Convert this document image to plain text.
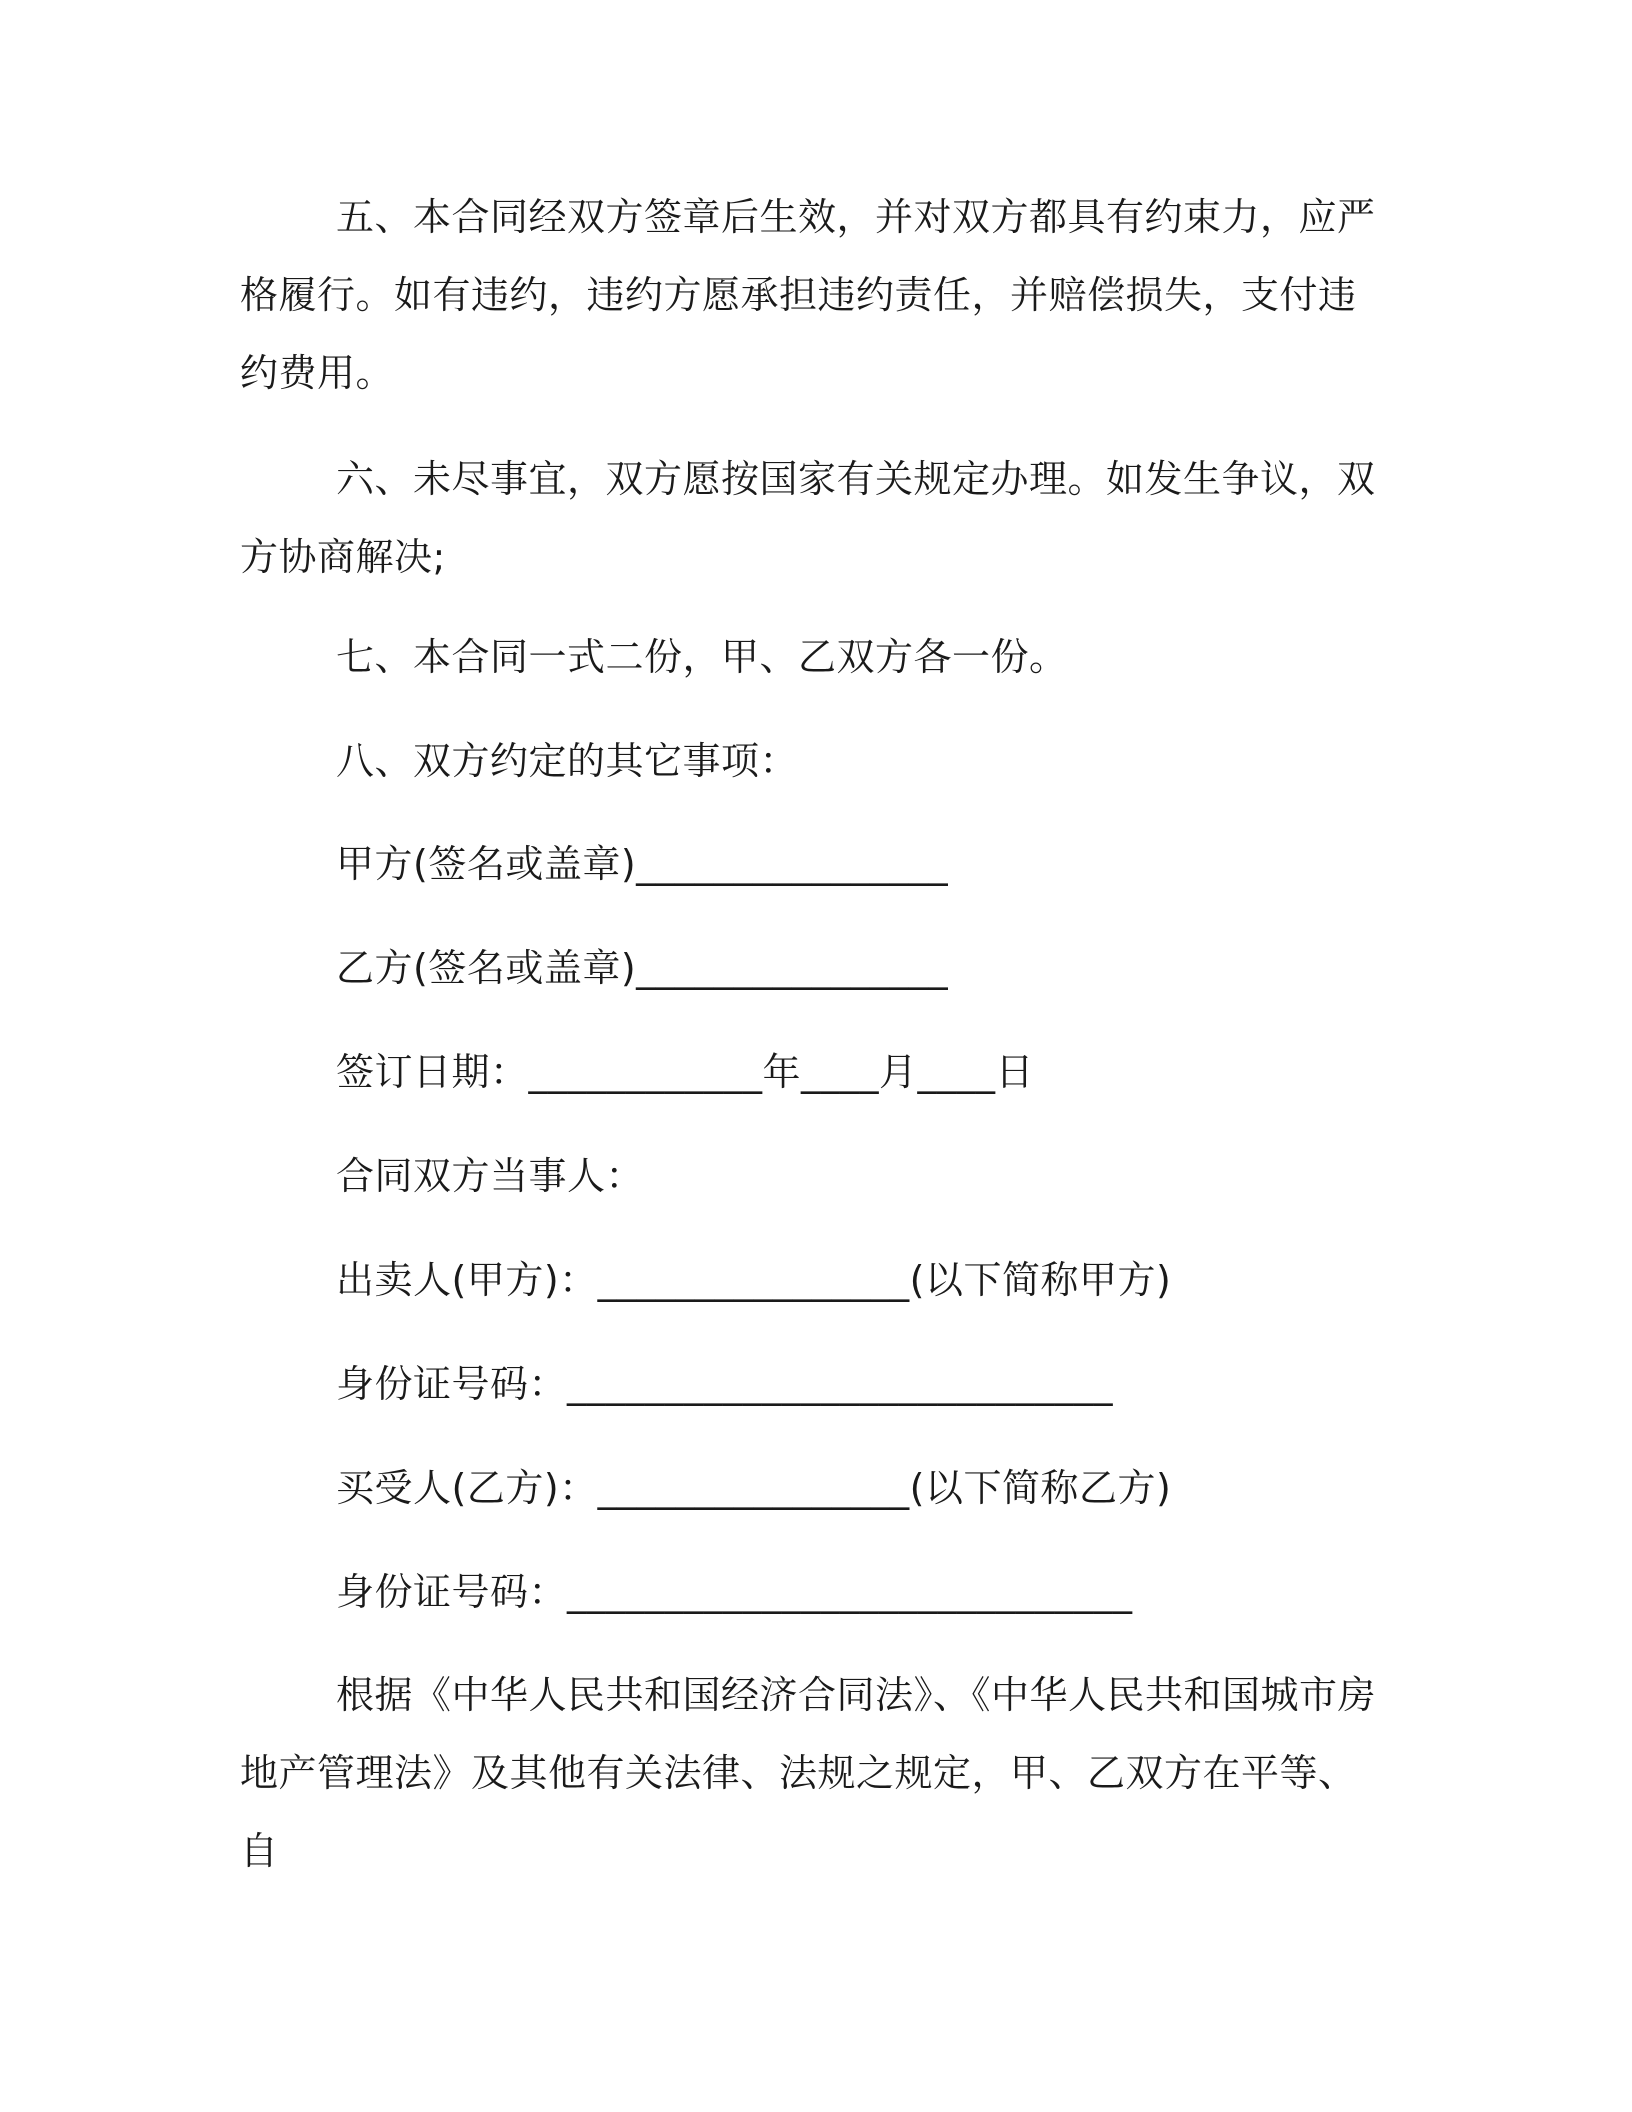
五、本合同经双方签章后生效，并对双方都具有约束力，应严格履行。如有违约，违约方愿承担违约责任，并赔偿损失，支付违约费用。

六、未尽事宜，双方愿按国家有关规定办理。如发生争议，双方协商解决;

七、本合同一式二份，甲、乙双方各一份。

八、双方约定的其它事项：

甲方(签名或盖章)________________

乙方(签名或盖章)________________

签订日期：____________年____月____日

合同双方当事人：

出卖人(甲方)：________________(以下简称甲方)

身份证号码：____________________________

买受人(乙方)：________________(以下简称乙方)

身份证号码：_____________________________

根据《中华人民共和国经济合同法》、《中华人民共和国城市房地产管理法》及其他有关法律、法规之规定，甲、乙双方在平等、自
